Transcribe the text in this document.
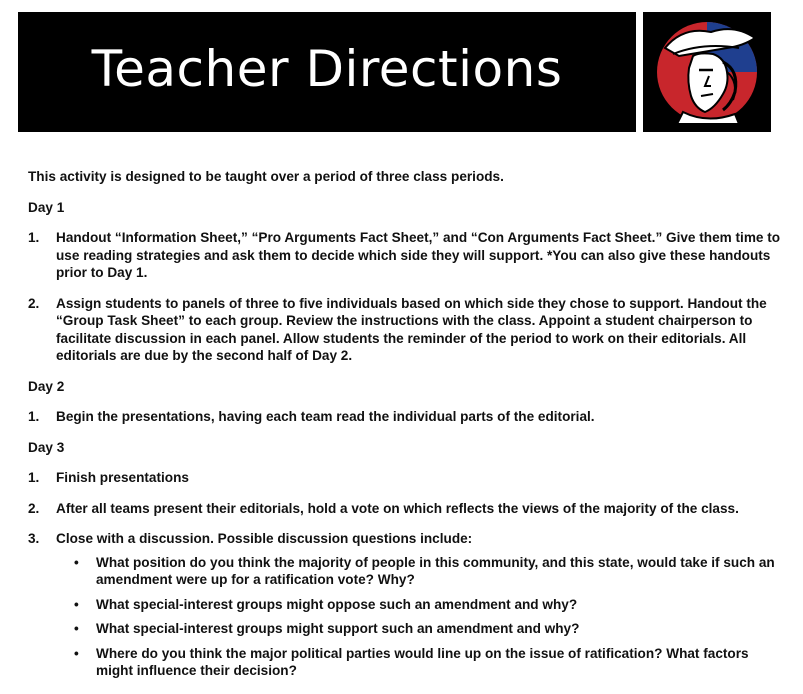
Teacher Directions

This activity is designed to be taught over a period of three class periods.

Day 1

1. Handout “Information Sheet,” “Pro Arguments Fact Sheet,” and “Con Arguments Fact Sheet.” Give them time to use reading strategies and ask them to decide which side they will support. *You can also give these handouts prior to Day 1.
2. Assign students to panels of three to five individuals based on which side they chose to support. Handout the “Group Task Sheet” to each group. Review the instructions with the class. Appoint a student chairperson to facilitate discussion in each panel. Allow students the reminder of the period to work on their editorials. All editorials are due by the second half of Day 2.

Day 2

1. Begin the presentations, having each team read the individual parts of the editorial.

Day 3

1. Finish presentations
2. After all teams present their editorials, hold a vote on which reflects the views of the majority of the class.
3. Close with a discussion. Possible discussion questions include:
• What position do you think the majority of people in this community, and this state, would take if such an amendment were up for a ratification vote? Why?
• What special-interest groups might oppose such an amendment and why?
• What special-interest groups might support such an amendment and why?
• Where do you think the major political parties would line up on the issue of ratification? What factors might influence their decision?
